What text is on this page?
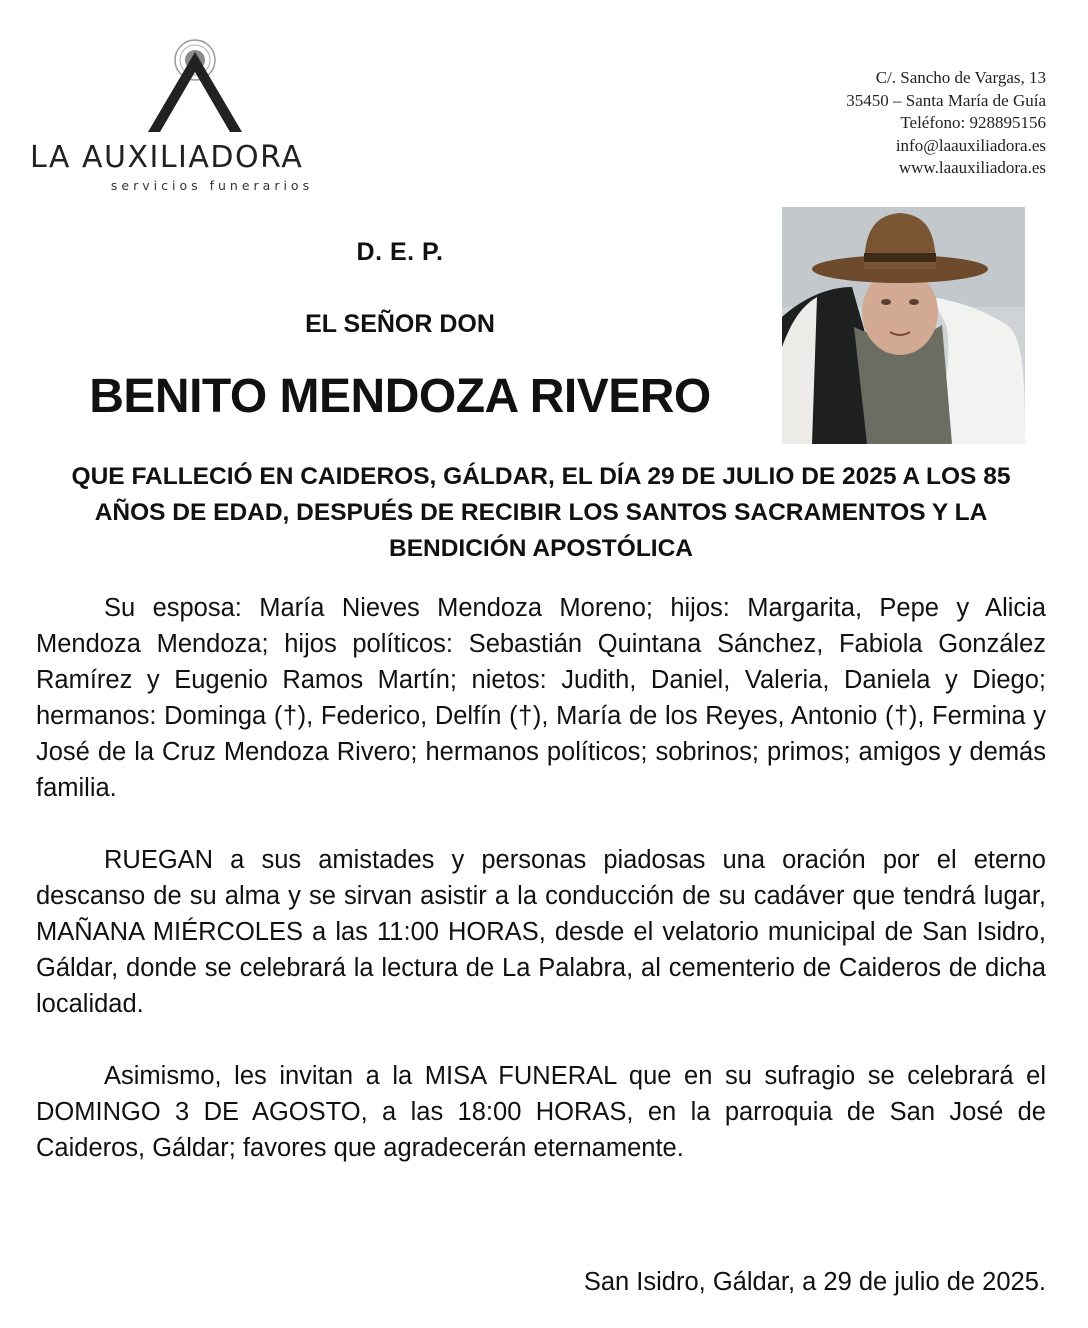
LA AUXILIADORA
servicios funerarios
C/. Sancho de Vargas, 13
35450 – Santa María de Guía
Teléfono: 928895156
info@laauxiliadora.es
www.laauxiliadora.es
D. E. P.
EL SEÑOR DON
BENITO MENDOZA RIVERO
QUE FALLECIÓ EN CAIDEROS, GÁLDAR, EL DÍA 29 DE JULIO DE 2025 A LOS 85 AÑOS DE EDAD, DESPUÉS DE RECIBIR LOS SANTOS SACRAMENTOS Y LA BENDICIÓN APOSTÓLICA

Su esposa: María Nieves Mendoza Moreno; hijos: Margarita, Pepe y Alicia Mendoza Mendoza; hijos políticos: Sebastián Quintana Sánchez, Fabiola González Ramírez y Eugenio Ramos Martín; nietos: Judith, Daniel, Valeria, Daniela y Diego; hermanos: Dominga (†), Federico, Delfín (†), María de los Reyes, Antonio (†), Fermina y José de la Cruz Mendoza Rivero; hermanos políticos; sobrinos; primos; amigos y demás familia.

RUEGAN a sus amistades y personas piadosas una oración por el eterno descanso de su alma y se sirvan asistir a la conducción de su cadáver que tendrá lugar, MAÑANA MIÉRCOLES a las 11:00 HORAS, desde el velatorio municipal de San Isidro, Gáldar, donde se celebrará la lectura de La Palabra, al cementerio de Caideros de dicha localidad.

Asimismo, les invitan a la MISA FUNERAL que en su sufragio se celebrará el DOMINGO 3 DE AGOSTO, a las 18:00 HORAS, en la parroquia de San José de Caideros, Gáldar; favores que agradecerán eternamente.

San Isidro, Gáldar, a 29 de julio de 2025.
